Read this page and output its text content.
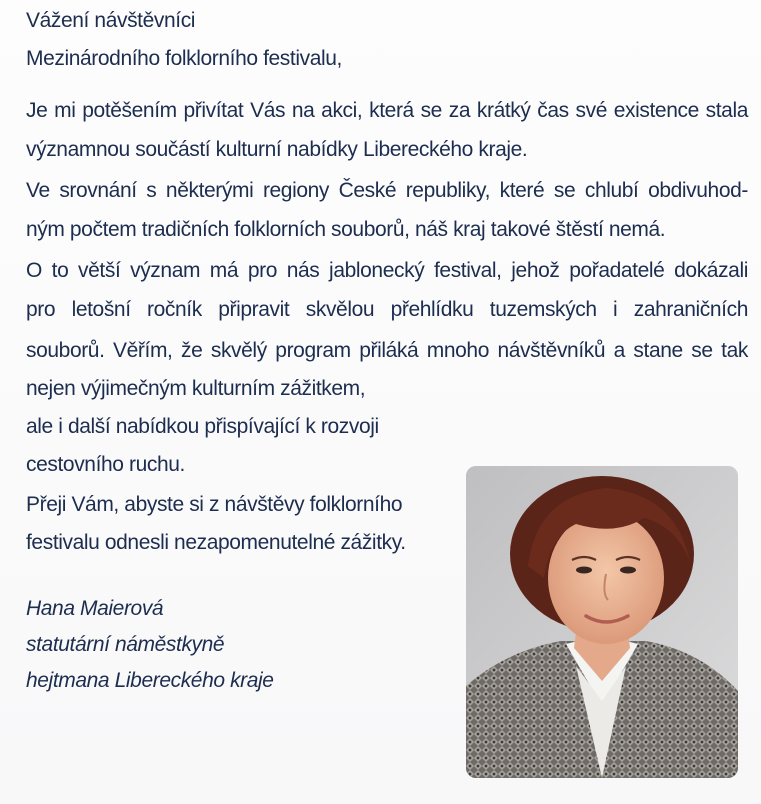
Vážení návštěvníci
Mezinárodního folklorního festivalu,
Je mi potěšením přivítat Vás na akci, která se za krátký čas své existence stala
významnou součástí kulturní nabídky Libereckého kraje.
Ve srovnání s některými regiony České republiky, které se chlubí obdivuhod-
ným počtem tradičních folklorních souborů, náš kraj takové štěstí nemá.
O to větší význam má pro nás jablonecký festival, jehož pořadatelé dokázali
pro letošní ročník připravit skvělou přehlídku tuzemských i zahraničních
souborů. Věřím, že skvělý program přiláká mnoho návštěvníků a stane se tak
nejen výjimečným kulturním zážitkem,
ale i další nabídkou přispívající k rozvoji
cestovního ruchu.
Přeji Vám, abyste si z návštěvy folklorního
festivalu odnesli nezapomenutelné zážitky.
Hana Maierová
statutární náměstkyně
hejtmana Libereckého kraje
